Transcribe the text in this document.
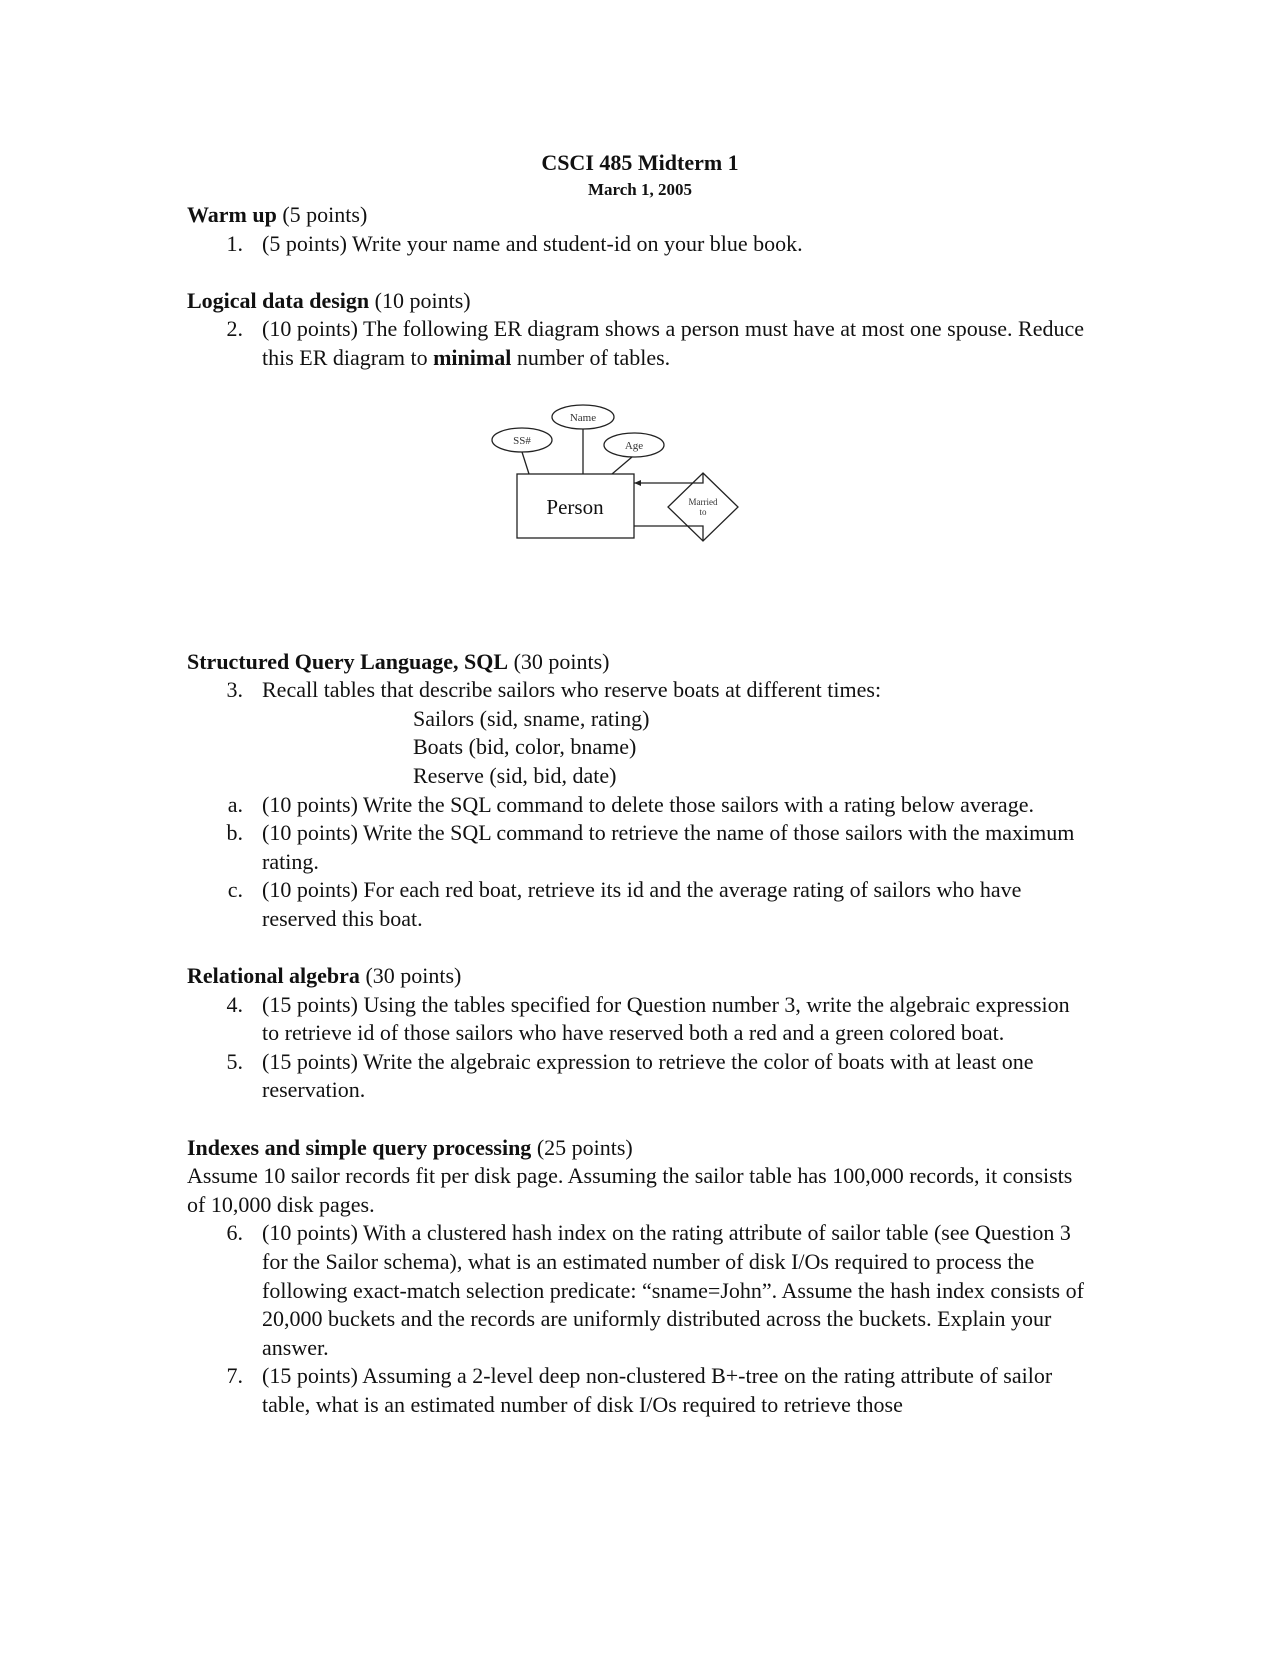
CSCI 485 Midterm 1
March 1, 2005

Warm up (5 points)

1. (5 points) Write your name and student-id on your blue book.

Logical data design (10 points)

2. (10 points) The following ER diagram shows a person must have at most one spouse. Reduce this ER diagram to minimal number of tables.
Name
SS#	Age
Person	Married
to

Structured Query Language, SQL (30 points)

3. Recall tables that describe sailors who reserve boats at different times:
Sailors (sid, sname, rating)
Boats (bid, color, bname)
Reserve (sid, bid, date)
a. (10 points) Write the SQL command to delete those sailors with a rating below average.
b. (10 points) Write the SQL command to retrieve the name of those sailors with the maximum rating.
c. (10 points) For each red boat, retrieve its id and the average rating of sailors who have reserved this boat.

Relational algebra (30 points)

4. (15 points) Using the tables specified for Question number 3, write the algebraic expression to retrieve id of those sailors who have reserved both a red and a green colored boat.
5. (15 points) Write the algebraic expression to retrieve the color of boats with at least one reservation.

Indexes and simple query processing (25 points)

Assume 10 sailor records fit per disk page. Assuming the sailor table has 100,000 records, it consists of 10,000 disk pages.

6. (10 points) With a clustered hash index on the rating attribute of sailor table (see Question 3 for the Sailor schema), what is an estimated number of disk I/Os required to process the following exact-match selection predicate: “sname=John”. Assume the hash index consists of 20,000 buckets and the records are uniformly distributed across the buckets. Explain your answer.
7. (15 points) Assuming a 2-level deep non-clustered B+-tree on the rating attribute of sailor table, what is an estimated number of disk I/Os required to retrieve those
